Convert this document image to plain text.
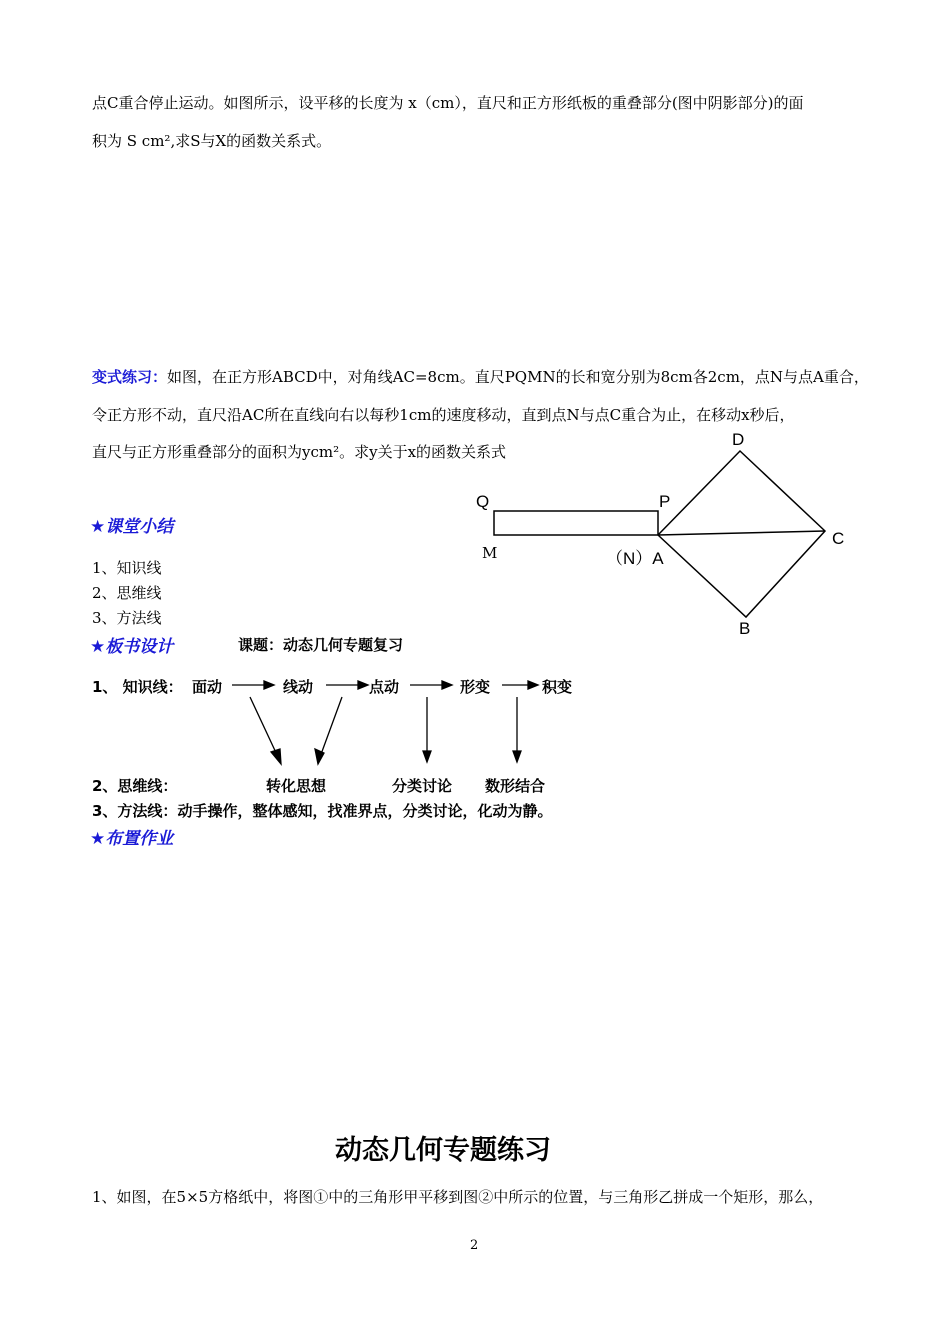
点C重合停止运动。如图所示，设平移的长度为 x（cm），直尺和正方形纸板的重叠部分(图中阴影部分)的面
积为 S cm²,求S与X的函数关系式。
变式练习：如图，在正方形ABCD中，对角线AC=8cm。直尺PQMN的长和宽分别为8cm各2cm，点N与点A重合，
令正方形不动，直尺沿AC所在直线向右以每秒1cm的速度移动，直到点N与点C重合为止，在移动x秒后，
直尺与正方形重叠部分的面积为ycm²。求y关于x的函数关系式
D
Q	P
C
M	（N）A
B
★课堂小结
1、知识线
2、思维线
3、方法线
★板书设计	课题：动态几何专题复习
1、 知识线： 面动	线动	点动	形变	积变
2、思维线：	转化思想	分类讨论 数形结合
3、方法线：动手操作，整体感知，找准界点，分类讨论，化动为静。
★布置作业
动态几何专题练习
1、如图，在5×5方格纸中，将图①中的三角形甲平移到图②中所示的位置，与三角形乙拼成一个矩形，那么，
2
